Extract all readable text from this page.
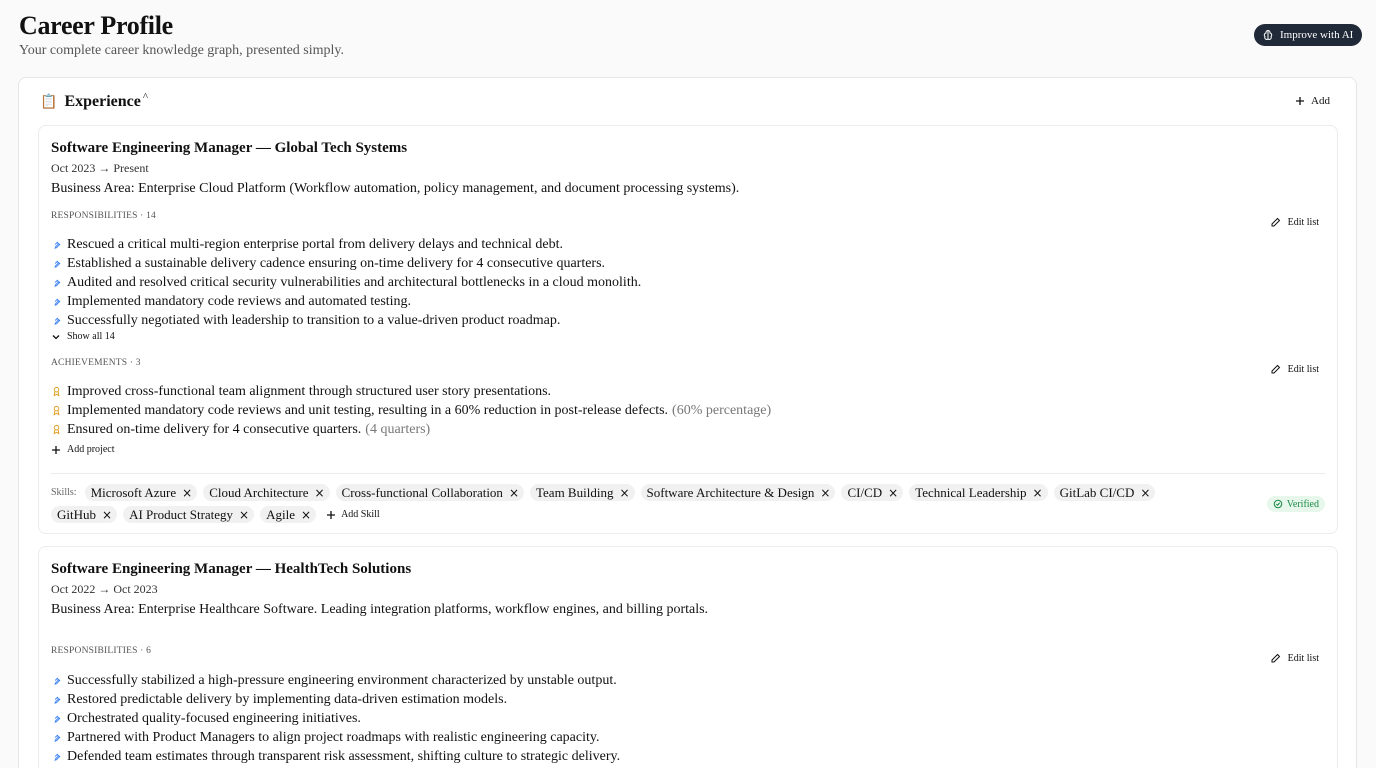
Career Profile
Your complete career knowledge graph, presented simply.
Improve with AI
📋 Experience ^	Add
Software Engineering Manager — Global Tech Systems
Oct 2023 → Present
Business Area: Enterprise Cloud Platform (Workflow automation, policy management, and document processing systems).
RESPONSIBILITIES · 14
Edit list
Rescued a critical multi-region enterprise portal from delivery delays and technical debt.
Established a sustainable delivery cadence ensuring on-time delivery for 4 consecutive quarters.
Audited and resolved critical security vulnerabilities and architectural bottlenecks in a cloud monolith.
Implemented mandatory code reviews and automated testing.
Successfully negotiated with leadership to transition to a value-driven product roadmap.
Show all 14
ACHIEVEMENTS · 3
Edit list
Improved cross-functional team alignment through structured user story presentations.
Implemented mandatory code reviews and unit testing, resulting in a 60% reduction in post-release defects. (60% percentage)
Ensured on-time delivery for 4 consecutive quarters. (4 quarters)
Add project
Skills: Microsoft Azure × Cloud Architecture × Cross-functional Collaboration × Team Building × Software Architecture & Design × CI/CD × Technical Leadership × GitLab CI/CD ×
GitHub × AI Product Strategy × Agile ×	Add Skill
Verified
Software Engineering Manager — HealthTech Solutions
Oct 2022 → Oct 2023
Business Area: Enterprise Healthcare Software. Leading integration platforms, workflow engines, and billing portals.
RESPONSIBILITIES · 6
Edit list
Successfully stabilized a high-pressure engineering environment characterized by unstable output.
Restored predictable delivery by implementing data-driven estimation models.
Orchestrated quality-focused engineering initiatives.
Partnered with Product Managers to align project roadmaps with realistic engineering capacity.
Defended team estimates through transparent risk assessment, shifting culture to strategic delivery.
